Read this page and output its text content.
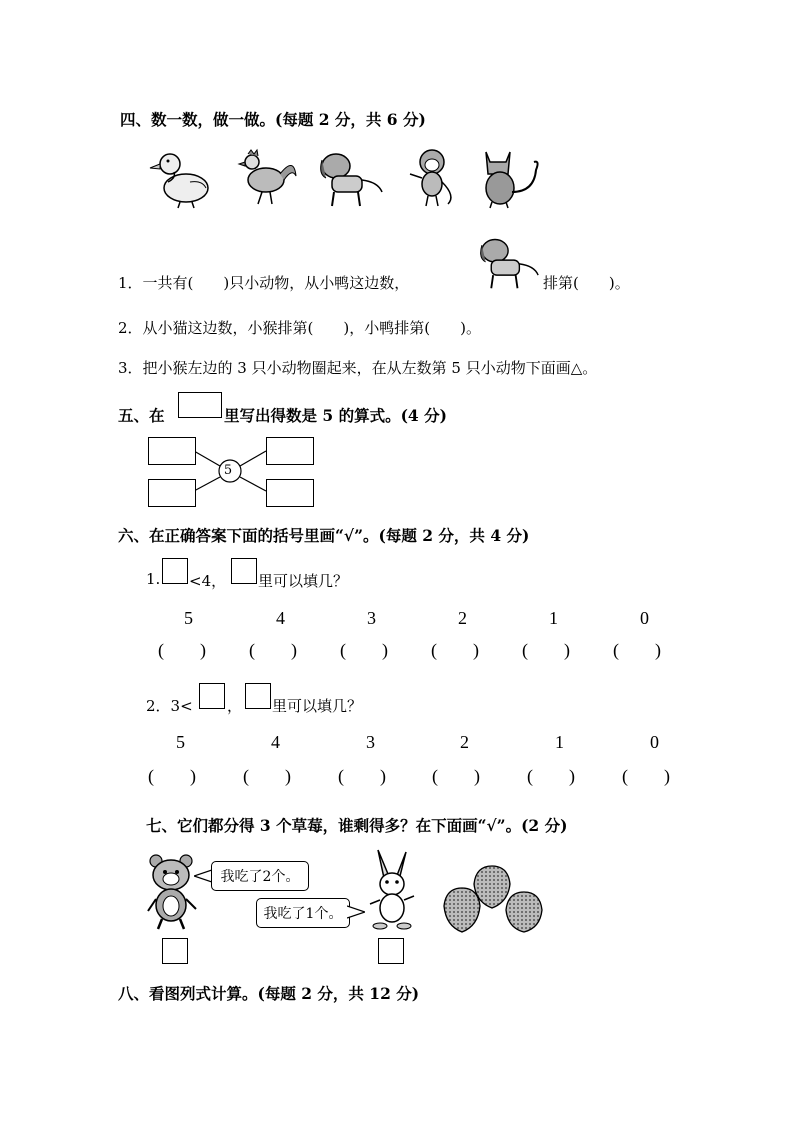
四、数一数，做一做。(每题 2 分，共 6 分)
1．一共有(　　)只小动物，从小鸭这边数，	排第(　　)。
2．从小猫这边数，小猴排第(　　)，小鸭排第(　　)。
3．把小猴左边的 3 只小动物圈起来，在从左数第 5 只小动物下面画△。
五、在	里写出得数是 5 的算式。(4 分)
5
六、在正确答案下面的括号里画“√”。(每题 2 分，共 4 分)
1. <4， 里可以填几？
5	4	3	2	1	0
(　　) (　　) (　　) (　　) (　　) (　　)
2．3< ， 里可以填几？
5	4	3	2	1	0
(　　)	(　　)	(　　)	(　　)	(　　)	(　　)
七、它们都分得 3 个草莓，谁剩得多？在下面画“√”。(2 分)
我吃了2个。
我吃了1个。
八、看图列式计算。(每题 2 分，共 12 分)
